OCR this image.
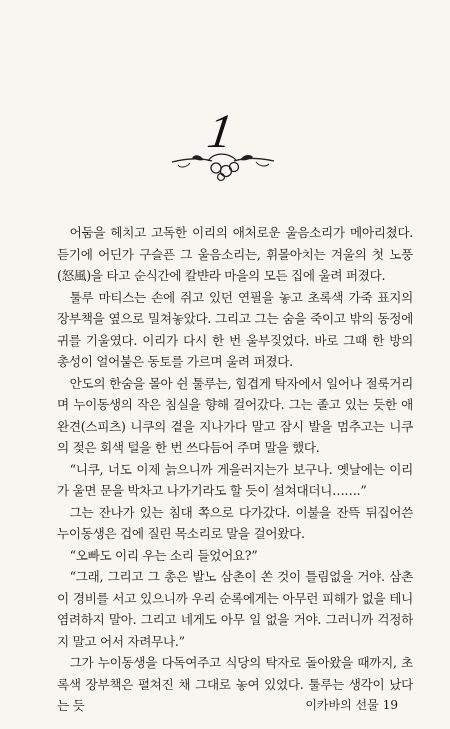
1

어둠을 헤치고 고독한 이리의 애처로운 울음소리가 메아리쳤다. 듣기에 어딘가 구슬픈 그 울음소리는, 휘몰아치는 겨울의 첫 노풍(怒風)을 타고 순식간에 칼뱐라 마을의 모든 집에 울려 퍼졌다.

툴루 마티스는 손에 쥐고 있던 연필을 놓고 초록색 가죽 표지의 장부책을 옆으로 밀쳐놓았다. 그리고 그는 숨을 죽이고 밖의 동정에 귀를 기울였다. 이리가 다시 한 번 울부짖었다. 바로 그때 한 방의 총성이 얼어붙은 동토를 가르며 울려 퍼졌다.

안도의 한숨을 몰아 쉰 툴루는, 힘겹게 탁자에서 일어나 절룩거리며 누이동생의 작은 침실을 향해 걸어갔다. 그는 졸고 있는 듯한 애완견(스피츠) 니쿠의 곁을 지나가다 말고 잠시 발을 멈추고는 니쿠의 젖은 회색 털을 한 번 쓰다듬어 주며 말을 했다.

“니쿠, 너도 이제 늙으니까 게을러지는가 보구나. 옛날에는 이리가 울면 문을 박차고 나가기라도 할 듯이 설쳐대더니…….”

그는 잔나가 있는 침대 쪽으로 다가갔다. 이불을 잔뜩 뒤집어쓴 누이동생은 겁에 질린 목소리로 말을 걸어왔다.

“오빠도 이리 우는 소리 들었어요?”

“그래, 그리고 그 총은 발노 삼촌이 쏜 것이 틀림없을 거야. 삼촌이 경비를 서고 있으니까 우리 순록에게는 아무런 피해가 없을 테니 염려하지 말아. 그리고 네게도 아무 일 없을 거야. 그러니까 걱정하지 말고 어서 자려무나.”

그가 누이동생을 다독여주고 식당의 탁자로 돌아왔을 때까지, 초록색 장부책은 펼쳐진 채 그대로 놓여 있었다. 툴루는 생각이 났다는 듯	이카바의 선물 19
